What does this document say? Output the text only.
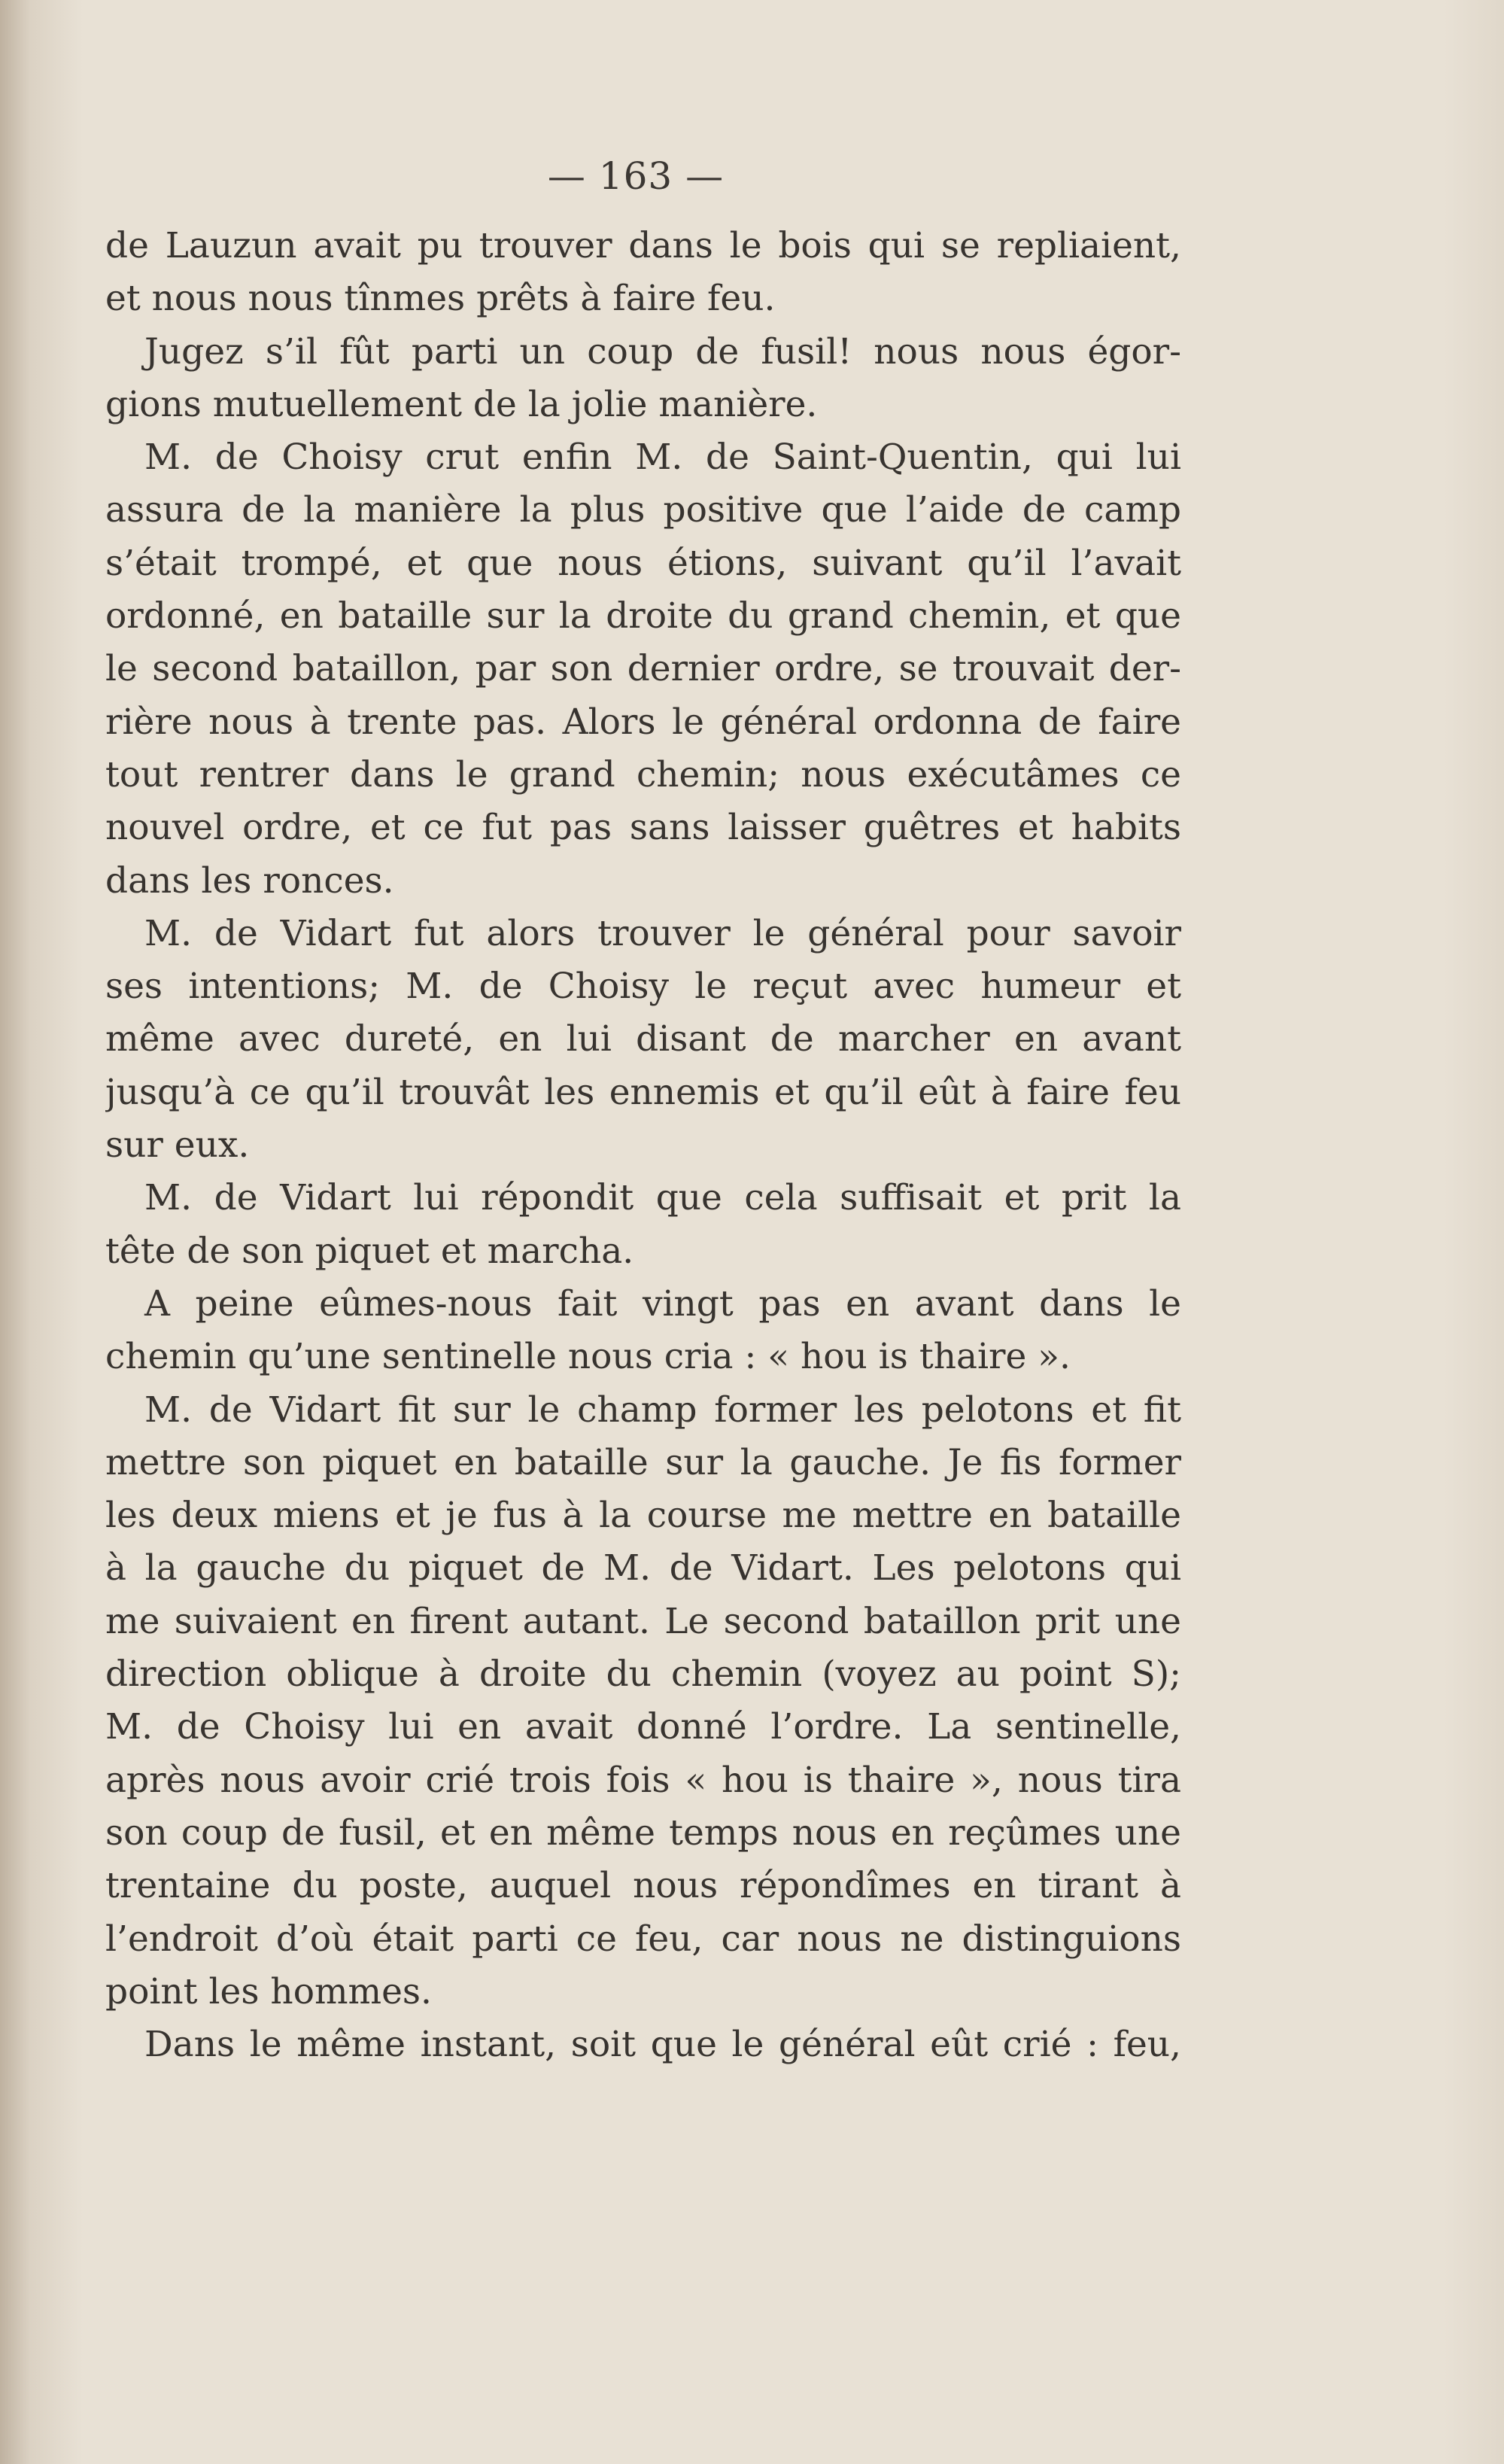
— 163 —
de Lauzun avait pu trouver dans le bois qui se repliaient,
et nous nous tînmes prêts à faire feu.
Jugez s’il fût parti un coup de fusil! nous nous égor-
gions mutuellement de la jolie manière.
M. de Choisy crut enfin M. de Saint-Quentin, qui lui
assura de la manière la plus positive que l’aide de camp
s’était trompé, et que nous étions, suivant qu’il l’avait
ordonné, en bataille sur la droite du grand chemin, et que
le second bataillon, par son dernier ordre, se trouvait der-
rière nous à trente pas. Alors le général ordonna de faire
tout rentrer dans le grand chemin; nous exécutâmes ce
nouvel ordre, et ce fut pas sans laisser guêtres et habits
dans les ronces.
M. de Vidart fut alors trouver le général pour savoir
ses intentions; M. de Choisy le reçut avec humeur et
même avec dureté, en lui disant de marcher en avant
jusqu’à ce qu’il trouvât les ennemis et qu’il eût à faire feu
sur eux.
M. de Vidart lui répondit que cela suffisait et prit la
tête de son piquet et marcha.
A peine eûmes-nous fait vingt pas en avant dans le
chemin qu’une sentinelle nous cria : « hou is thaire ».
M. de Vidart fit sur le champ former les pelotons et fit
mettre son piquet en bataille sur la gauche. Je fis former
les deux miens et je fus à la course me mettre en bataille
à la gauche du piquet de M. de Vidart. Les pelotons qui
me suivaient en firent autant. Le second bataillon prit une
direction oblique à droite du chemin (voyez au point S);
M. de Choisy lui en avait donné l’ordre. La sentinelle,
après nous avoir crié trois fois « hou is thaire », nous tira
son coup de fusil, et en même temps nous en reçûmes une
trentaine du poste, auquel nous répondîmes en tirant à
l’endroit d’où était parti ce feu, car nous ne distinguions
point les hommes.
Dans le même instant, soit que le général eût crié : feu,
